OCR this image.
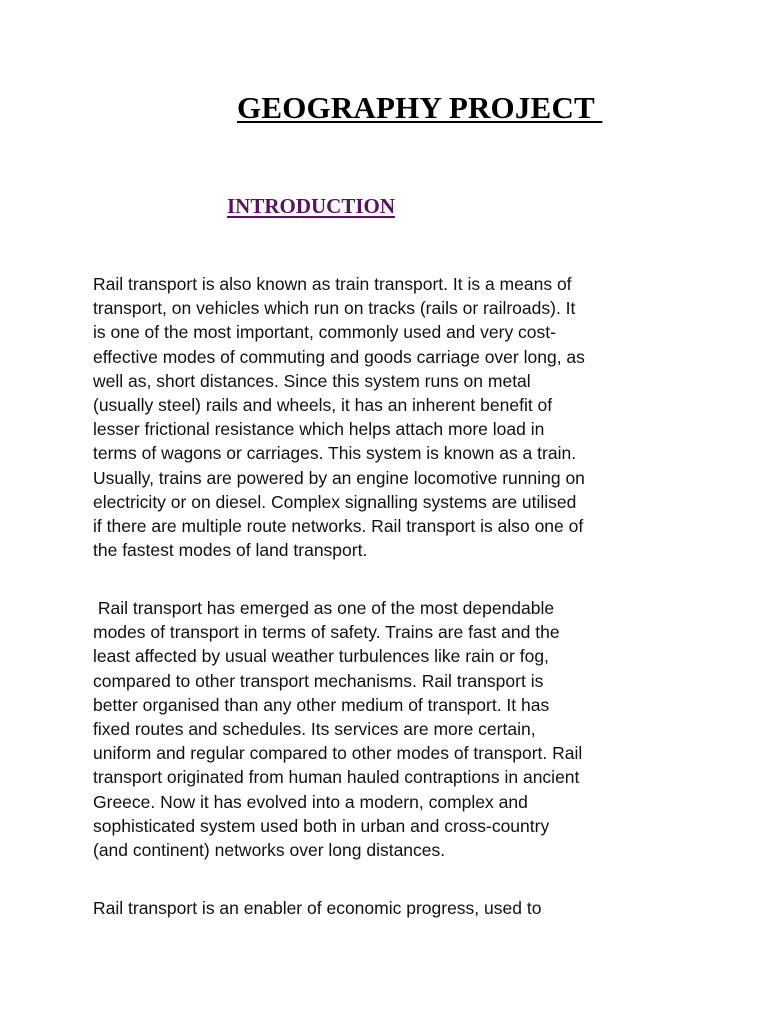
GEOGRAPHY PROJECT
INTRODUCTION

Rail transport is also known as train transport. It is a means of
transport, on vehicles which run on tracks (rails or railroads). It
is one of the most important, commonly used and very cost-
effective modes of commuting and goods carriage over long, as
well as, short distances. Since this system runs on metal
(usually steel) rails and wheels, it has an inherent benefit of
lesser frictional resistance which helps attach more load in
terms of wagons or carriages. This system is known as a train.
Usually, trains are powered by an engine locomotive running on
electricity or on diesel. Complex signalling systems are utilised
if there are multiple route networks. Rail transport is also one of
the fastest modes of land transport.

Rail transport has emerged as one of the most dependable
modes of transport in terms of safety. Trains are fast and the
least affected by usual weather turbulences like rain or fog,
compared to other transport mechanisms. Rail transport is
better organised than any other medium of transport. It has
fixed routes and schedules. Its services are more certain,
uniform and regular compared to other modes of transport. Rail
transport originated from human hauled contraptions in ancient
Greece. Now it has evolved into a modern, complex and
sophisticated system used both in urban and cross-country
(and continent) networks over long distances.

Rail transport is an enabler of economic progress, used to
